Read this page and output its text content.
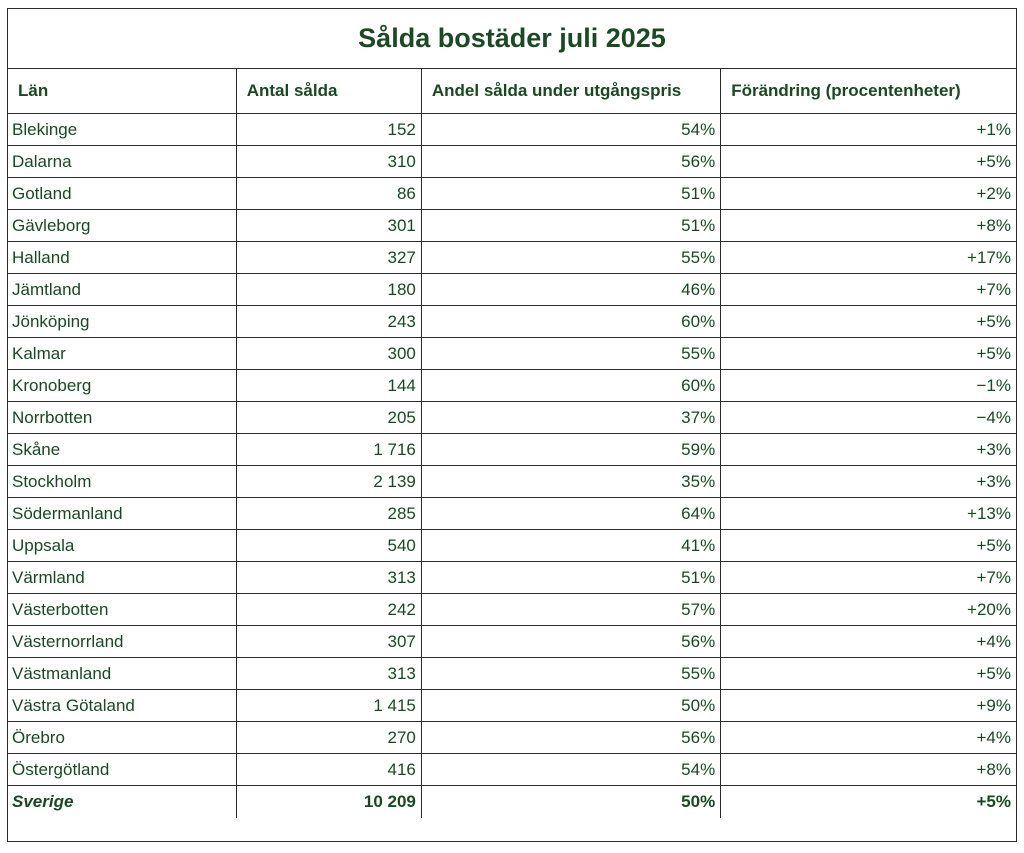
Sålda bostäder juli 2025
Län	Antal sålda	Andel sålda under utgångspris	Förändring (procentenheter)
Blekinge	152	54%	+1%
Dalarna	310	56%	+5%
Gotland	86	51%	+2%
Gävleborg	301	51%	+8%
Halland	327	55%	+17%
Jämtland	180	46%	+7%
Jönköping	243	60%	+5%
Kalmar	300	55%	+5%
Kronoberg	144	60%	−1%
Norrbotten	205	37%	−4%
Skåne	1 716	59%	+3%
Stockholm	2 139	35%	+3%
Södermanland	285	64%	+13%
Uppsala	540	41%	+5%
Värmland	313	51%	+7%
Västerbotten	242	57%	+20%
Västernorrland	307	56%	+4%
Västmanland	313	55%	+5%
Västra Götaland	1 415	50%	+9%
Örebro	270	56%	+4%
Östergötland	416	54%	+8%
Sverige	10 209	50%	+5%
